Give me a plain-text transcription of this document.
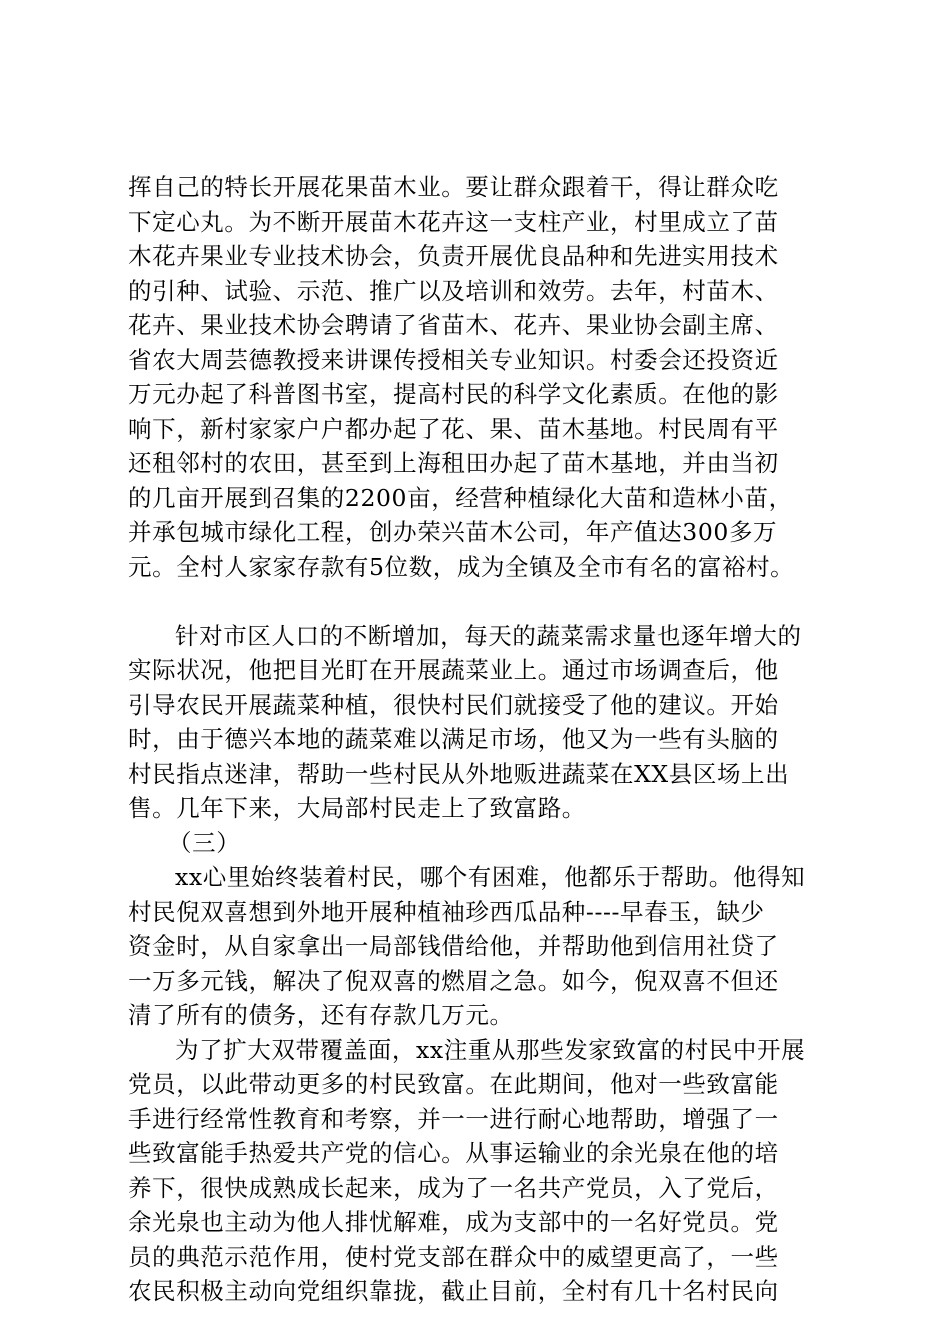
挥自己的特长开展花果苗木业。要让群众跟着干，得让群众吃
下定心丸。为不断开展苗木花卉这一支柱产业，村里成立了苗
木花卉果业专业技术协会，负责开展优良品种和先进实用技术
的引种、试验、示范、推广以及培训和效劳。去年，村苗木、
花卉、果业技术协会聘请了省苗木、花卉、果业协会副主席、
省农大周芸德教授来讲课传授相关专业知识。村委会还投资近
万元办起了科普图书室，提高村民的科学文化素质。在他的影
响下，新村家家户户都办起了花、果、苗木基地。村民周有平
还租邻村的农田，甚至到上海租田办起了苗木基地，并由当初
的几亩开展到召集的2200亩，经营种植绿化大苗和造林小苗，
并承包城市绿化工程，创办荣兴苗木公司，年产值达300多万
元。全村人家家存款有5位数，成为全镇及全市有名的富裕村。
针对市区人口的不断增加，每天的蔬菜需求量也逐年增大的
实际状况，他把目光盯在开展蔬菜业上。通过市场调查后，他
引导农民开展蔬菜种植，很快村民们就接受了他的建议。开始
时，由于德兴本地的蔬菜难以满足市场，他又为一些有头脑的
村民指点迷津，帮助一些村民从外地贩进蔬菜在XX县区场上出
售。几年下来，大局部村民走上了致富路。
（三）
xx心里始终装着村民，哪个有困难，他都乐于帮助。他得知
村民倪双喜想到外地开展种植袖珍西瓜品种----早春玉，缺少
资金时，从自家拿出一局部钱借给他，并帮助他到信用社贷了
一万多元钱，解决了倪双喜的燃眉之急。如今，倪双喜不但还
清了所有的债务，还有存款几万元。
为了扩大双带覆盖面，xx注重从那些发家致富的村民中开展
党员，以此带动更多的村民致富。在此期间，他对一些致富能
手进行经常性教育和考察，并一一进行耐心地帮助，增强了一
些致富能手热爱共产党的信心。从事运输业的余光泉在他的培
养下，很快成熟成长起来，成为了一名共产党员，入了党后，
余光泉也主动为他人排忧解难，成为支部中的一名好党员。党
员的典范示范作用，使村党支部在群众中的威望更高了，一些
农民积极主动向党组织靠拢，截止目前，全村有几十名村民向
